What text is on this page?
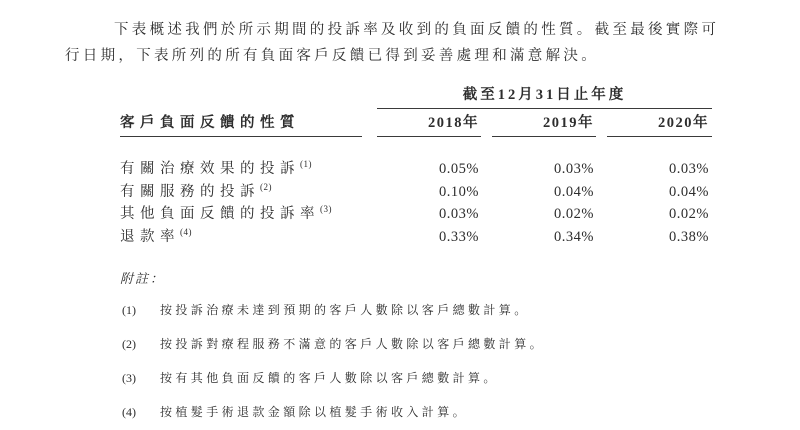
下表概述我們於所示期間的投訴率及收到的負面反饋的性質。截至最後實際可
行日期，下表所列的所有負面客戶反饋已得到妥善處理和滿意解決。

截至12月31日止年度
客戶負面反饋的性質	2018年	2019年	2020年
有關治療效果的投訴$^{(1)}$	0.05%	0.03%	0.03%
有關服務的投訴$^{(2)}$	0.10%	0.04%	0.04%
其他負面反饋的投訴率$^{(3)}$	0.03%	0.02%	0.02%
退款率$^{(4)}$	0.33%	0.34%	0.38%
附註：
(1)	按投訴治療未達到預期的客戶人數除以客戶總數計算。
(2)	按投訴對療程服務不滿意的客戶人數除以客戶總數計算。
(3)	按有其他負面反饋的客戶人數除以客戶總數計算。
(4)	按植髮手術退款金額除以植髮手術收入計算。
